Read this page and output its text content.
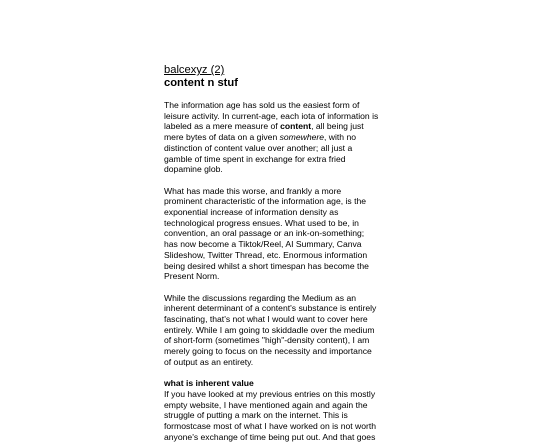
balcexyz (2)
content n stuf

The information age has sold us the easiest form of leisure activity. In current-age, each iota of information is labeled as a mere measure of content, all being just mere bytes of data on a given somewhere, with no distinction of content value over another; all just a gamble of time spent in exchange for extra fried dopamine glob.

What has made this worse, and frankly a more prominent characteristic of the information age, is the exponential increase of information density as technological progress ensues. What used to be, in convention, an oral passage or an ink-on-something; has now become a Tiktok/Reel, AI Summary, Canva Slideshow, Twitter Thread, etc. Enormous information being desired whilst a short timespan has become the Present Norm.

While the discussions regarding the Medium as an inherent determinant of a content's substance is entirely fascinating, that's not what I would want to cover here entirely. While I am going to skiddadle over the medium of short-form (sometimes "high"-density content), I am merely going to focus on the necessity and importance of output as an entirety.

what is inherent value

If you have looked at my previous entries on this mostly empty website, I have mentioned again and again the struggle of putting a mark on the internet. This is formostcase most of what I have worked on is not worth anyone's exchange of time being put out. And that goes
